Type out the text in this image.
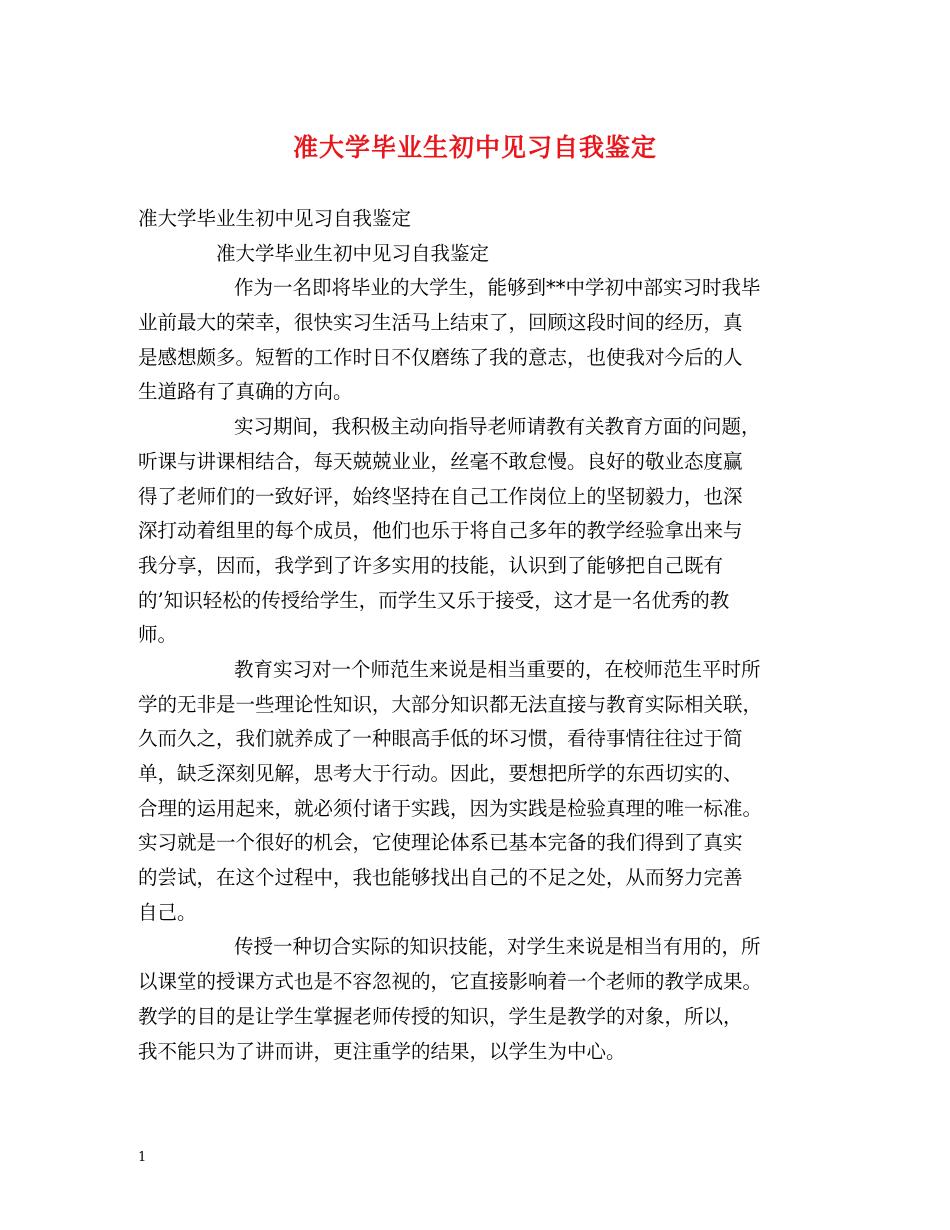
准大学毕业生初中见习自我鉴定
准大学毕业生初中见习自我鉴定
准大学毕业生初中见习自我鉴定
作为一名即将毕业的大学生，能够到**中学初中部实习时我毕
业前最大的荣幸，很快实习生活马上结束了，回顾这段时间的经历，真
是感想颇多。短暂的工作时日不仅磨练了我的意志，也使我对今后的人
生道路有了真确的方向。
实习期间，我积极主动向指导老师请教有关教育方面的问题，
听课与讲课相结合，每天兢兢业业，丝毫不敢怠慢。良好的敬业态度赢
得了老师们的一致好评，始终坚持在自己工作岗位上的坚韧毅力，也深
深打动着组里的每个成员，他们也乐于将自己多年的教学经验拿出来与
我分享，因而，我学到了许多实用的技能，认识到了能够把自己既有
的’知识轻松的传授给学生，而学生又乐于接受，这才是一名优秀的教
师。
教育实习对一个师范生来说是相当重要的，在校师范生平时所
学的无非是一些理论性知识，大部分知识都无法直接与教育实际相关联，
久而久之，我们就养成了一种眼高手低的坏习惯，看待事情往往过于简
单，缺乏深刻见解，思考大于行动。因此，要想把所学的东西切实的、
合理的运用起来，就必须付诸于实践，因为实践是检验真理的唯一标准。
实习就是一个很好的机会，它使理论体系已基本完备的我们得到了真实
的尝试，在这个过程中，我也能够找出自己的不足之处，从而努力完善
自己。
传授一种切合实际的知识技能，对学生来说是相当有用的，所
以课堂的授课方式也是不容忽视的，它直接影响着一个老师的教学成果。
教学的目的是让学生掌握老师传授的知识，学生是教学的对象，所以，
我不能只为了讲而讲，更注重学的结果，以学生为中心。
1
